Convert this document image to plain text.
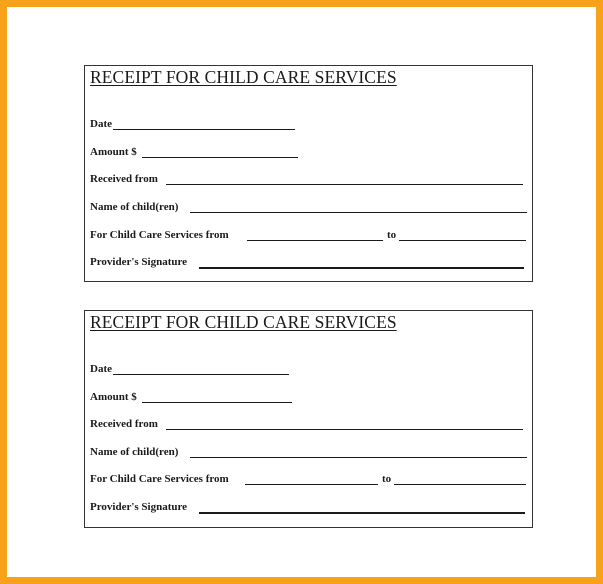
RECEIPT FOR CHILD CARE SERVICES
Date
Amount $
Received from
Name of child(ren)
For Child Care Services from	to
Provider's Signature
RECEIPT FOR CHILD CARE SERVICES
Date
Amount $
Received from
Name of child(ren)
For Child Care Services from	to
Provider's Signature
